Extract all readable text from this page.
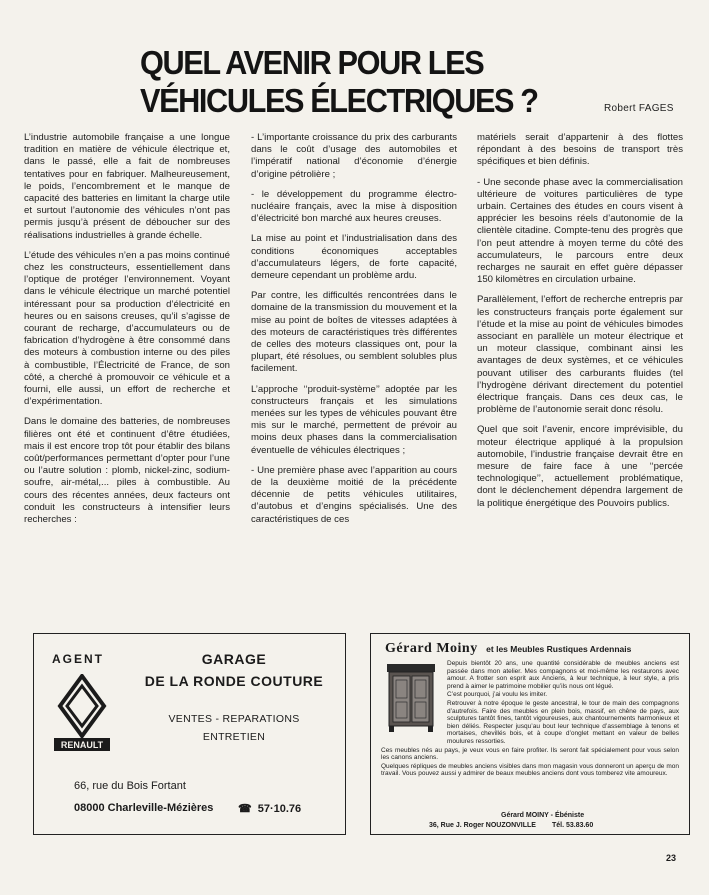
QUEL AVENIR POUR LES
VÉHICULES ÉLECTRIQUES ?	Robert FAGES

L’industrie automobile française a une longue tradition en matière de véhicule électrique et, dans le passé, elle a fait de nombreuses tentatives pour en fabriquer. Malheureusement, le poids, l’encombrement et le manque de capacité des batteries en limitant la charge utile et surtout l’autonomie des véhicules n’ont pas permis jusqu’à présent de déboucher sur des réalisations industrielles à grande échelle.

L’étude des véhicules n’en a pas moins continué chez les constructeurs, essentiellement dans l’optique de protéger l’environnement. Voyant dans le véhicule électrique un marché potentiel intéressant pour sa production d’électricité en heures ou en saisons creuses, qu’il s’agisse de courant de recharge, d’accumulateurs ou de fabrication d’hydrogène à être consommé dans des moteurs à combustion interne ou des piles à combustible, l’Électricité de France, de son côté, a cherché à promouvoir ce véhicule et a fourni, elle aussi, un effort de recherche et d’expérimentation.

Dans le domaine des batteries, de nombreuses filières ont été et continuent d’être étudiées, mais il est encore trop tôt pour établir des bilans coût/performances permettant d’opter pour l’une ou l’autre solution : plomb, nickel-zinc, sodium-soufre, air-métal,... piles à combustible. Au cours des récentes années, deux facteurs ont conduit les constructeurs à intensifier leurs recherches :

- L’importante croissance du prix des carburants dans le coût d’usage des automobiles et l’impératif national d’économie d’énergie d’origine pétrolière ;

- le développement du programme électro-nucléaire français, avec la mise à disposition d’électricité bon marché aux heures creuses.

La mise au point et l’industrialisation dans des conditions économiques acceptables d’accumulateurs légers, de forte capacité, demeure cependant un problème ardu.

Par contre, les difficultés rencontrées dans le domaine de la transmission du mouvement et la mise au point de boîtes de vitesses adaptées à des moteurs de caractéristiques très différentes de celles des moteurs classiques ont, pour la plupart, été résolues, ou semblent solubles plus facilement.

L’approche ‘‘produit-système’’ adoptée par les constructeurs français et les simulations menées sur les types de véhicules pouvant être mis sur le marché, permettent de prévoir au moins deux phases dans la commercialisation éventuelle de véhicules électriques ;

- Une première phase avec l’apparition au cours de la deuxième moitié de la précédente décennie de petits véhicules utilitaires, d’autobus et d’engins spécialisés. Une des caractéristiques de ces

matériels serait d’appartenir à des flottes répondant à des besoins de transport très spécifiques et bien définis.

- Une seconde phase avec la commercialisation ultérieure de voitures particulières de type urbain. Certaines des études en cours visent à apprécier les besoins réels d’autonomie de la clientèle citadine. Compte-tenu des progrès que l’on peut attendre à moyen terme du côté des accumulateurs, le parcours entre deux recharges ne saurait en effet guère dépasser 150 kilomètres en circulation urbaine.

Parallèlement, l’effort de recherche entrepris par les constructeurs français porte également sur l’étude et la mise au point de véhicules bimodes associant en parallèle un moteur électrique et un moteur classique, combinant ainsi les avantages de deux systèmes, et ce véhicules pouvant utiliser des carburants fluides (tel l’hydrogène dérivant directement du potentiel électrique français. Dans ces deux cas, le problème de l’autonomie serait donc résolu.

Quel que soit l’avenir, encore imprévisible, du moteur électrique appliqué à la propulsion automobile, l’industrie française devrait être en mesure de faire face à une ‘‘percée technologique’’, actuellement problématique, dont le déclenchement dépendra largement de la politique énergétique des Pouvoirs publics.

AGENT
RENAULT
GARAGE
DE LA RONDE COUTURE
VENTES - REPARATIONS
ENTRETIEN
66, rue du Bois Fortant
08000 Charleville-Mézières ☎ 57·10.76
Gérard Moiny et les Meubles Rustiques Ardennais

Depuis bientôt 20 ans, une quantité considérable de meubles anciens est passée dans mon atelier. Mes compagnons et moi-même les restaurons avec amour. A frotter son esprit aux Anciens, à leur technique, à leur style, a pris prend à aimer le patrimoine mobilier qu’ils nous ont légué.

C’est pourquoi, j’ai voulu les imiter.

Retrouver à notre époque le geste ancestral, le tour de main des compagnons d’autrefois. Faire des meubles en plein bois, massif, en chêne de pays, aux sculptures tantôt fines, tantôt vigoureuses, aux chantournements harmonieux et bien déliés. Respecter jusqu’au bout leur technique d’assemblage à tenons et mortaises, chevillés bois, et à coupe d’onglet mettant en valeur de belles moulures ressorties.

Ces meubles nés au pays, je veux vous en faire profiter. Ils seront fait spécialement pour vous selon les canons anciens.

Quelques répliques de meubles anciens visibles dans mon magasin vous donneront un aperçu de mon travail. Vous pouvez aussi y admirer de beaux meubles anciens dont vous tomberez vite amoureux.

Gérard MOINY - Ébéniste
36, Rue J. Roger NOUZONVILLE Tél. 53.83.60
23
